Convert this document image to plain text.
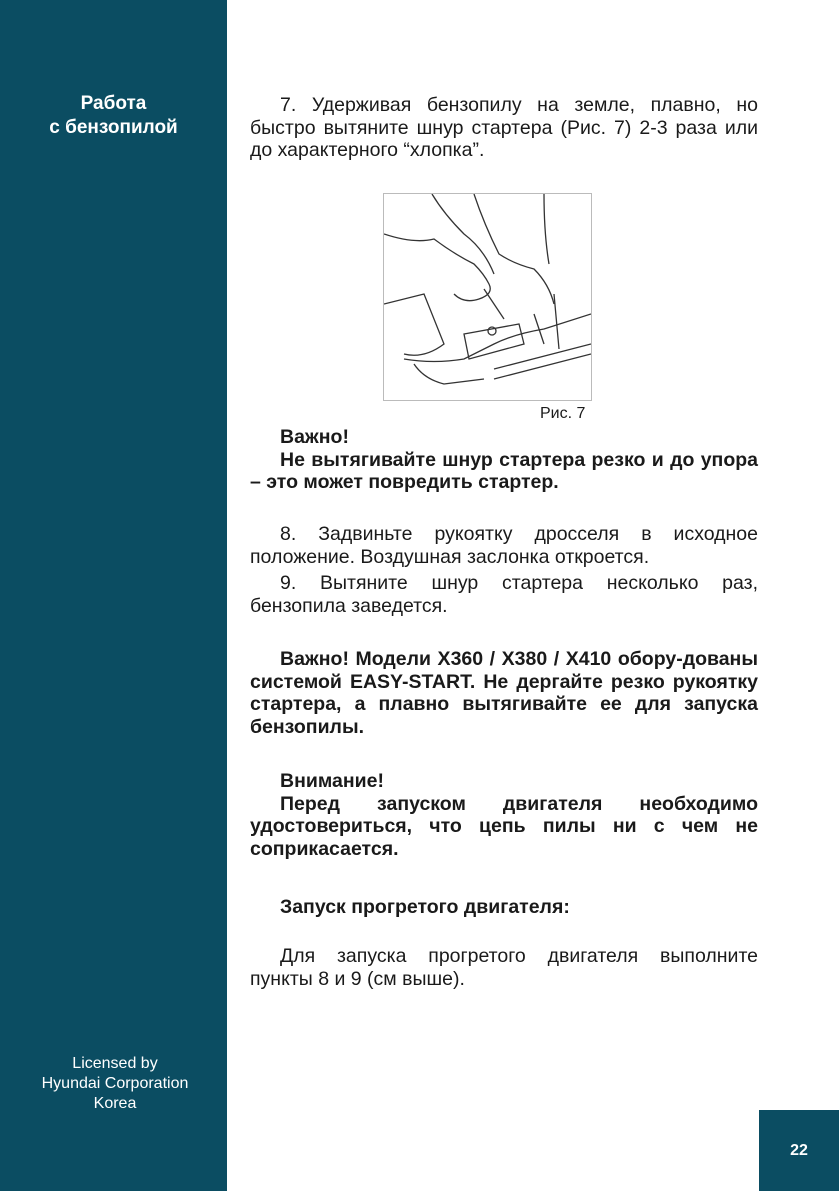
Работа
с бензопилой
Licensed by
Hyundai Corporation
Korea
22

7. Удерживая бензопилу на земле, плавно, но быстро вытяните шнур стартера (Рис. 7) 2-3 раза или до характерного “хлопка”.

Рис. 7

Важно!

Не вытягивайте шнур стартера резко и до упора – это может повредить стартер.

8. Задвиньте рукоятку дросселя в исходное положение. Воздушная заслонка откроется.

9. Вытяните шнур стартера несколько раз, бензопила заведется.

Важно! Модели X360 / X380 / X410 обору-дованы системой EASY-START. Не дергайте резко рукоятку стартера, а плавно вытягивайте ее для запуска бензопилы.

Внимание!

Перед запуском двигателя необходимо удостовериться, что цепь пилы ни с чем не соприкасается.

Запуск прогретого двигателя:

Для запуска прогретого двигателя выполните пункты 8 и 9 (см выше).
